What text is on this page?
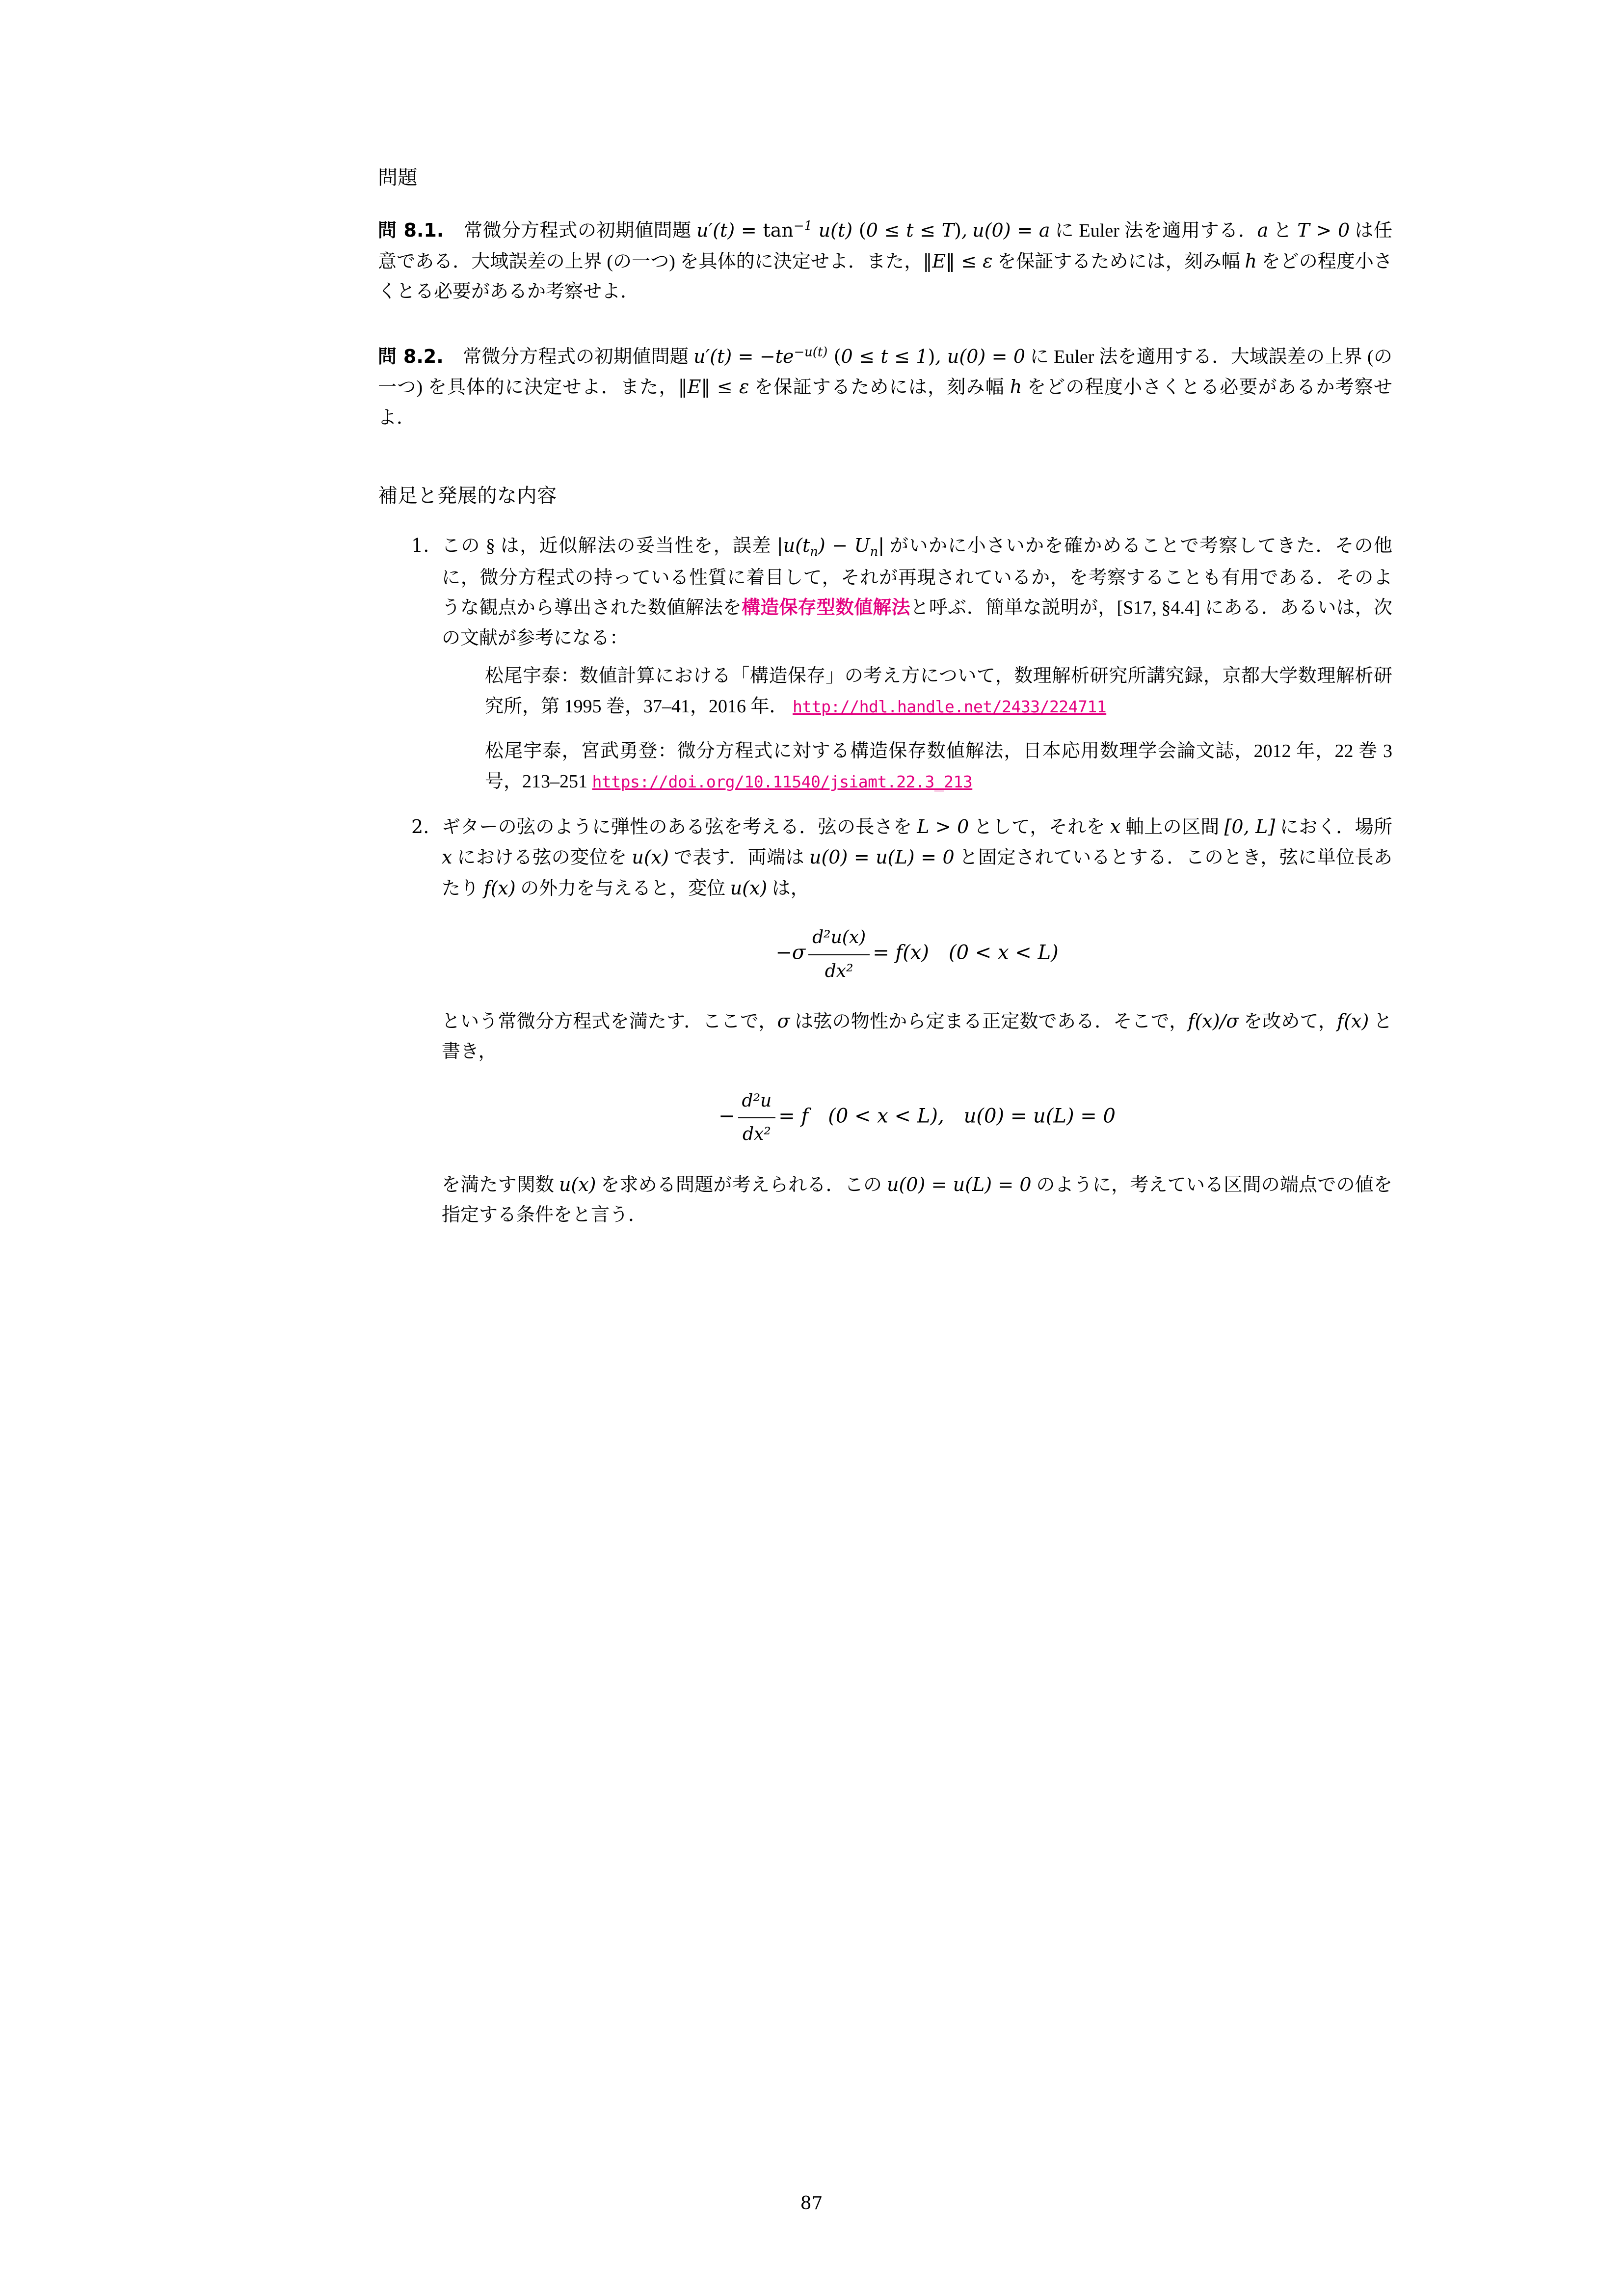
問題

問 8.1. 常微分方程式の初期値問題 $u'(t) = \tan^{-1} u(t) (0 \le t \le T)$, u(0) = a に Euler 法を適用する．a と T > 0 は任意である．大域誤差の上界 (の一つ) を具体的に決定せよ．また，‖E‖ ≤ ε を保証するためには，刻み幅 h をどの程度小さくとる必要があるか考察せよ．

問 8.2. 常微分方程式の初期値問題 $u'(t) = -te^{-u(t)}$ (0 ≤ t ≤ 1), u(0) = 0 に Euler 法を適用する．大域誤差の上界 (の一つ) を具体的に決定せよ．また，‖E‖ ≤ ε を保証するためには，刻み幅 h をどの程度小さくとる必要があるか考察せよ．

補足と発展的な内容
この § は，近似解法の妥当性を，誤差 $|u(t_n) - U_n|$ がいかに小さいかを確かめることで考察してきた．その他に，微分方程式の持っている性質に着目して，それが再現されているか，を考察することも有用である．そのような観点から導出された数値解法を構造保存型数値解法と呼ぶ．簡単な説明が，[S17, §4.4] にある．あるいは，次の文献が参考になる：
松尾宇泰：数値計算における「構造保存」の考え方について，数理解析研究所講究録，京都大学数理解析研究所，第 1995 巻，37–41，2016 年． http://hdl.handle.net/2433/224711
松尾宇泰，宮武勇登：微分方程式に対する構造保存数値解法，日本応用数理学会論文誌，2012 年，22 巻 3 号，213–251 https://doi.org/10.11540/jsiamt.22.3_213
ギターの弦のように弾性のある弦を考える．弦の長さを L > 0 として，それを x 軸上の区間 [0, L] におく．場所 x における弦の変位を u(x) で表す．両端は u(0) = u(L) = 0 と固定されているとする．このとき，弦に単位長あたり f(x) の外力を与えると，変位 u(x) は，
$-\sigma \frac{\text{d²u(x)}}{\text{dx²}} = f(x) (0 < x < L)$
という常微分方程式を満たす．ここで，σ は弦の物性から定まる正定数である．そこで，f(x)/σ を改めて，f(x) と書き，
− $\frac{\text{d²u}}{\text{dx²}} = f$ (0 < x < L), u(0) = u(L) = 0
を満たす関数 u(x) を求める問題が考えられる．この u(0) = u(L) = 0 のように，考えている区間の端点での値を指定する条件をと言う．
87
